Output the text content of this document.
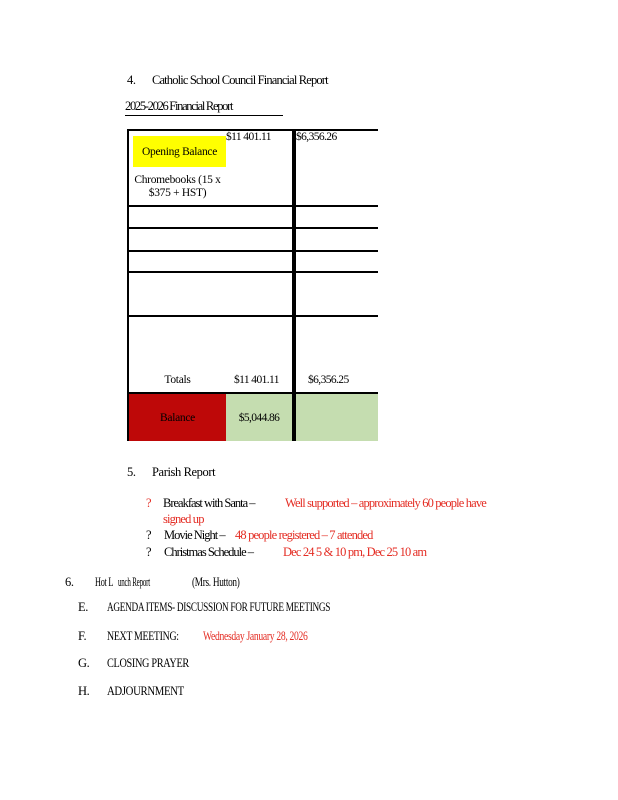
4. Catholic School Council Financial Report
2025-2026 Financial Report
Opening Balance
Chromebooks (15 x
$375 + HST)	$11 401.11	$6,356.26

Totals	$11 401.11	$6,356.25
Balance	$5,044.86	
5. Parish Report
? Breakfast with Santa – Well supported – approximately 60 people have
signed up
? Movie Night – 48 people registered – 7 attended
? Christmas Schedule – Dec 24 5 & 10 pm, Dec 25 10 am
6. Hot L unch Report	(Mrs. Hutton)
E. AGENDA ITEMS- DISCUSSION FOR FUTURE MEETINGS
F. NEXT MEETING: Wednesday January 28, 2026
G. CLOSING PRAYER
H. ADJOURNMENT
